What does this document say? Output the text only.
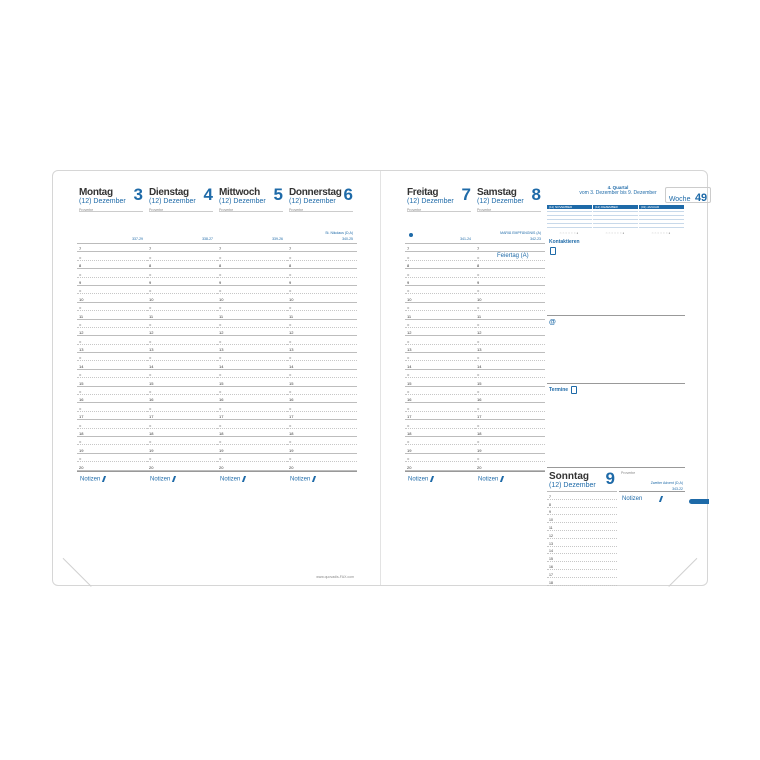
Montag 3
(12) Dezember
Proverbe
337-29
7
=
8
=
9
=
10
=
11
=
12
=
13
=
14
=
15
=
16
=
17
=
18
=
19
=
20
Notizen
Dienstag 4
(12) Dezember
Proverbe
338-27
7
=
8
=
9
=
10
=
11
=
12
=
13
=
14
=
15
=
16
=
17
=
18
=
19
=
20
Notizen
Mittwoch 5
(12) Dezember
Proverbe
339-26
7
=
8
=
9
=
10
=
11
=
12
=
13
=
14
=
15
=
16
=
17
=
18
=
19
=
20
Notizen
Donnerstag 6
(12) Dezember
Proverbe
St. Nikolaus (D,A)
340-25
7
=
8
=
9
=
10
=
11
=
12
=
13
=
14
=
15
=
16
=
17
=
18
=
19
=
20
Notizen
www.quovadis-FAX.com
Freitag 7
(12) Dezember
Proverbe
341-24
7
=
8
=
9
=
10
=
11
=
12
=
13
=
14
=
15
=
16
=
17
=
18
=
19
=
20
Notizen
Samstag 8
(12) Dezember
Proverbe
MARIÄ EMPFÄNGNIS (A)
342-23
7
=
8
=
9
=
10
=
11
=
12
=
13
=
14
=
15
=
16
=
17
=
18
=
19
=
20
Notizen
Feiertag (A)
4. Quartal
vom 3. Dezember bis 9. Dezember
Woche 49
(11) NOVEMBER
○○○○○○●
(12) DEZEMBER
○○○○○○●
(01) JANUAR
○○○○○○●
Kontaktieren
@
Termine
Sonntag
(12) Dezember 9
7
8
9
10
11
12
13
14
15
16
17
18
Proverbe
Zweiter Advent (D,A)
343-22
Notizen
